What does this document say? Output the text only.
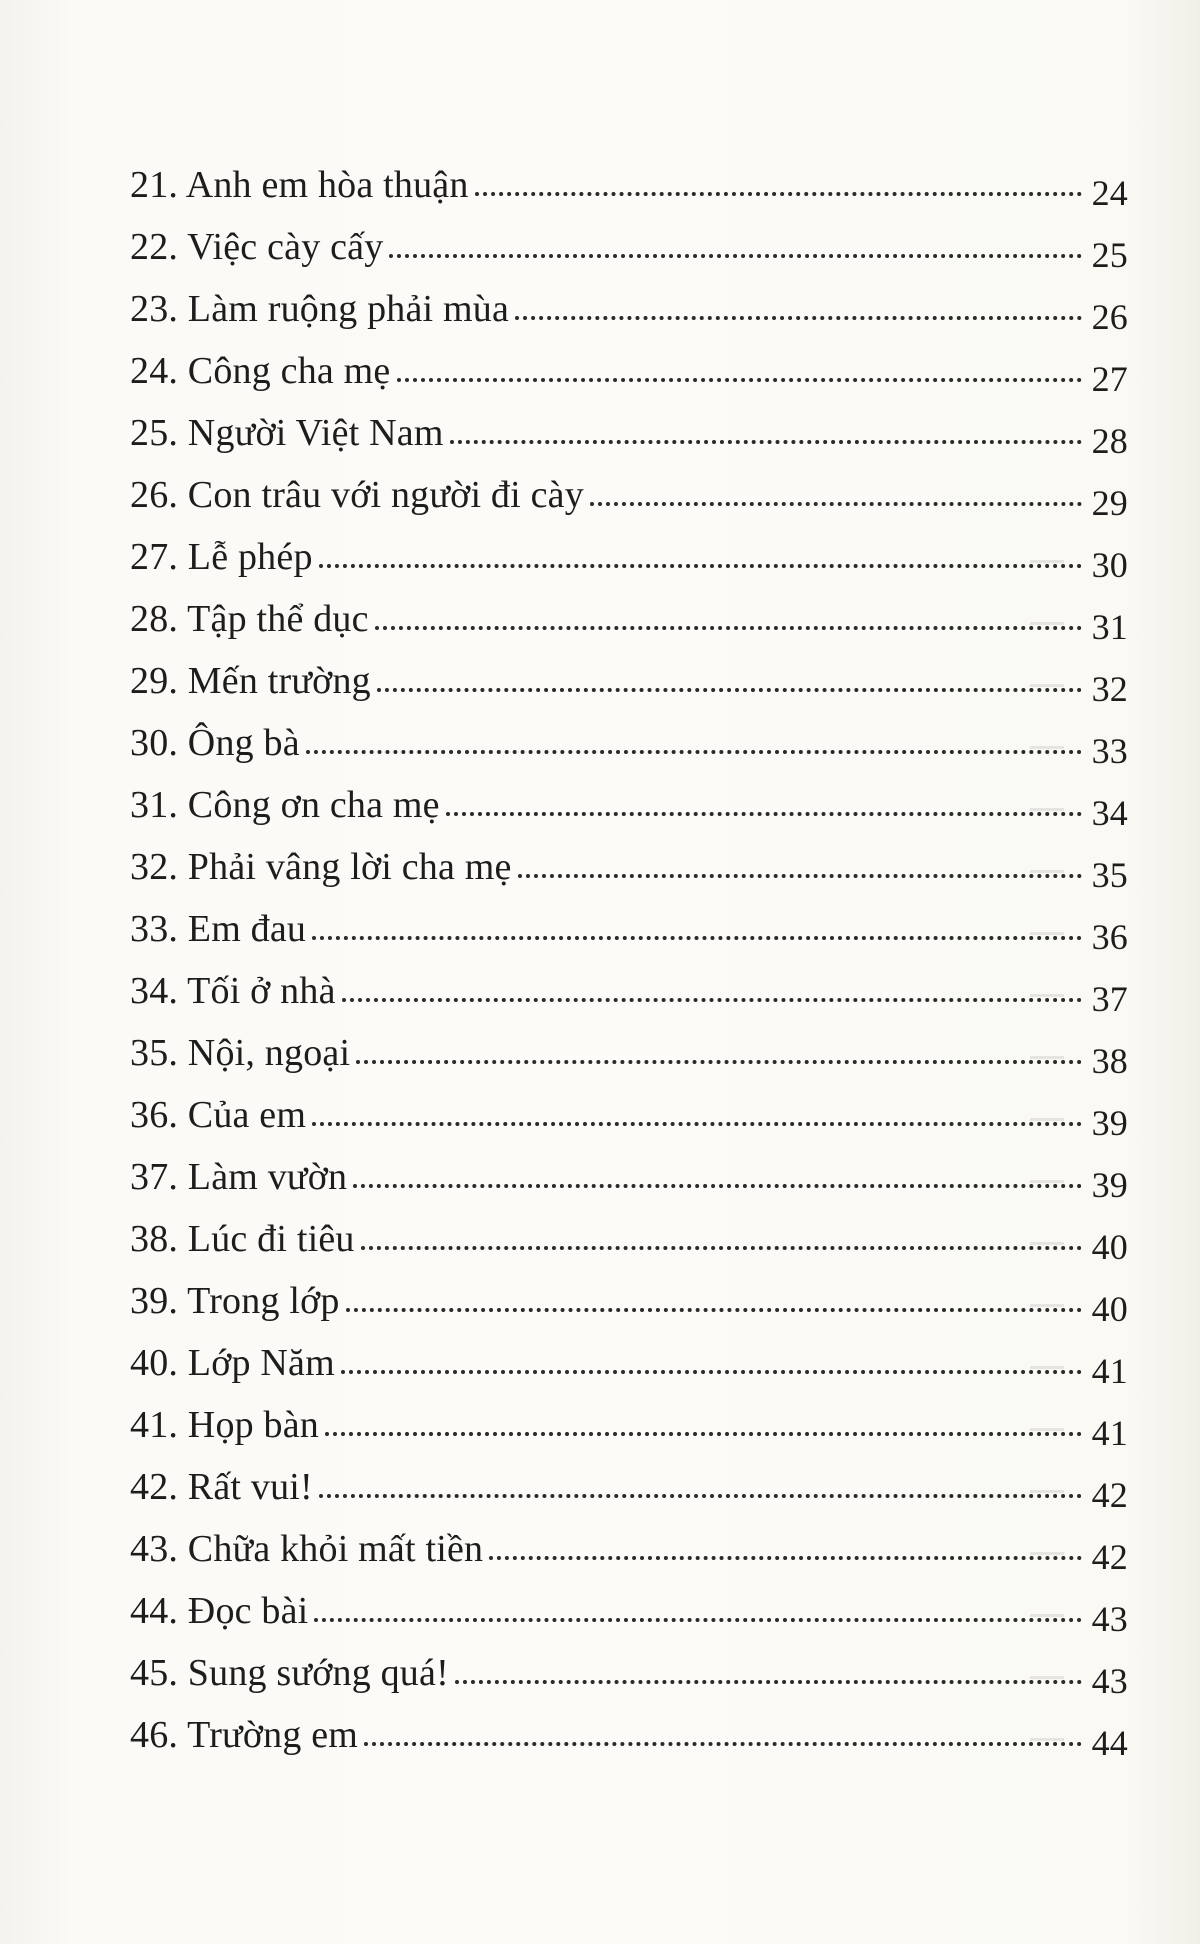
21. Anh em hòa thuận	24
22. Việc cày cấy	25
23. Làm ruộng phải mùa	26
24. Công cha mẹ	27
25. Người Việt Nam	28
26. Con trâu với người đi cày	29
27. Lễ phép	30
28. Tập thể dục	31
29. Mến trường	32
30. Ông bà	33
31. Công ơn cha mẹ	34
32. Phải vâng lời cha mẹ	35
33. Em đau	36
34. Tối ở nhà	37
35. Nội, ngoại	38
36. Của em	39
37. Làm vườn	39
38. Lúc đi tiêu	40
39. Trong lớp	40
40. Lớp Năm	41
41. Họp bàn	41
42. Rất vui!	42
43. Chữa khỏi mất tiền	42
44. Đọc bài	43
45. Sung sướng quá!	43
46. Trường em	44
